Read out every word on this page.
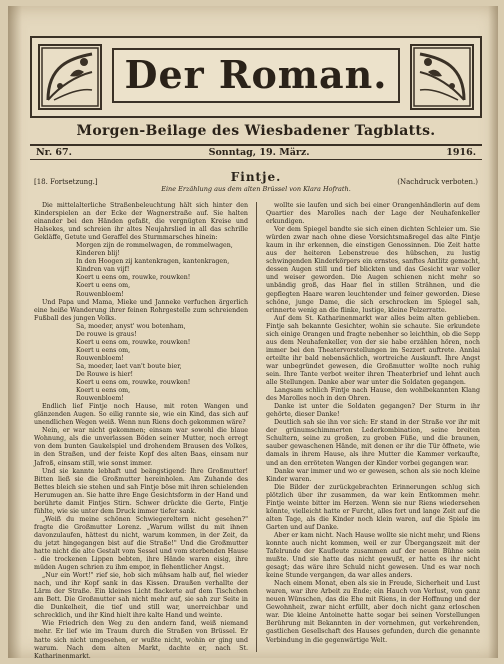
Der Roman.
Morgen-Beilage des Wiesbadener Tagblatts.
Nr. 67.	Sonntag, 19. März.	1916.
[18. Fortsetzung.]	Fintje.
Eine Erzählung aus dem alten Brüssel von Klara Hofrath.
(Nachdruck verboten.)

Die mittelalterliche Straßenbeleuchtung hält sich hinter den Kinderspielen an der Ecke der Wagnerstraße auf. Sie halten einander bei den Händen gefaßt, die vergnügten Kreise und Halsekes, und schreien ihr altes Neujahrslied in all das schrille Gekläffe, Getute und Geraffel des Sturmmarsches hinein:

Morgen zijn de rommelwagen, de rommelwagen,

Kinderen blij!

In den Hoogen zij kantenkragen, kantenkragen,

Kindren van vijf!

Koert u eens om, rouwke, rouwken!

Koert u eens om,

Rouwenbloem!

Und Papa und Mama, Mieke und Janneke verfuchen ärgerlich eine heiße Wanderung ihrer feinen Rohrgestelle zum schreienden Fußball des jungen Volks.

Sa, moeder, anyst' wou botenham,

De rouwe is graus!

Koert u eens om, rouwke, rouwken!

Koert u eens om,

Rouwenbloem!

Sa, moeder, laet van't boute bier,

De Rouwe is hier!

Koert u eens om, rouwke, rouwken!

Koert u eens om,

Rouwenbloem!

Endlich lief Fintje noch Hause, mit roten Wangen und glänzenden Augen. So eilig rannte sie, wie ein Kind, das sich auf unendlichen Wegen weiß. Wenn nun Riens doch gekommen wäre?

Nein, er war nicht gekommen; einsam war sowohl die blaue Wohnung, als die unverlassen Böden seiner Mutter, noch erregt von dem bunten Gaukelspiel und drohendem Brausen des Volkes, in den Straßen, und der feiste Kopf des alten Baas, einsam nur Jafroß, einsam still, wie sonst immer.

Und sie kannte lebhaft und beängstigend: Ihre Großmutter! Bitten ließ sie die Großmutter hereinholen. Am Zuhande des Bettes bleich sie stehen und sah Fintje böse mit ihren schielenden Herumugen an. Sie hatte ihre Enge Gesichtsform in der Hand und berührte damit Fintjes Stirn. Schwer drückte die Gerte, Fintje fühlte, wie sie unter dem Druck immer tiefer sank.

„Weiß du meine schönen Schwiegereltern nicht gesehen?" fragte die Großmutter Lorenz. „Warum willst du mit ihnen davonzulaufen, hättest du nicht, warum kommen, in der Zeit, da du jetzt hingegangen bist auf die Straße!" Und die Großmutter hatte nicht die alte Gestalt vom Sessel und vom sterbenden Hause - die trockenen Lippen bebten, ihre Hände waren eisig, ihre müden Augen schrien zu ihm empor, in flehentlicher Angst.

„Nur ein Wort!" rief sie, hob sich mühsam halb auf, fiel wieder nach, und ihr Kopf sank in das Kissen. Draußen verhallte der Lärm der Straße. Ein kleines Licht flackerte auf dem Tischchen am Bett. Die Großmutter sah nicht mehr auf, sie sah zur Seite in die Dunkelheit, die tief und still war, unerreichbar und schrecklich, und ihr Kind hielt ihre kalte Hand und weinte.

Wie Friedrich den Weg zu den andern fand, weiß niemand mehr. Er lief wie im Traum durch die Straßen von Brüssel. Er hatte sich nicht umgesehen, er wußte nicht, wohin er ging und warum. Nach dem alten Markt, dachte er, nach St. Katharinenmarkt.

wollte sie laufen und sich bei einer Orangenhändlerin auf dem Quartier des Marolles nach der Lage der Neuhafenkeller erkundigen.

Vor dem Spiegel bandte sie sich einen dichten Schleier um. Sie würden zwar nach ohne diese Vorsichtsmaßregel das alte Fintje kaum in ihr erkennen, die einstigen Genossinnen. Die Zeit hatte aus der heiteren Lebenstreue des hübschen, zu lustig schwingenden Kinderkörpers ein ernstes, sanftes Antlitz gemacht, dessen Augen still und tief blickten und das Gesicht war voller und weiser geworden. Die Augen schienen nicht mehr so unbändig groß, das Haar fiel in stillen Strähnen, und die gepflegten Haare waren leuchtender und feiner geworden. Diese schöne, junge Dame, die sich erschrocken im Spiegel sah, erinnerte wenig an die flinke, lustige, kleine Pelzerratte.

Auf dem St. Katharinenmarkt war alles beim alten geblieben. Fintje sah bekannte Gesichter, wohin sie schaute. Sie erkundete sich einige Orangen und fragte nebenher so leichthin, ob die Sepp aus dem Neuhafenkeller, von der sie habe erzählen hören, noch immer bei den Theatervorstellungen im Sezzert auftrete. Annlai erteilte ihr bald nebensächlich, wortreiche Auskunft. Ihre Angst war unbegründet gewesen, die Großmutter wollte noch ruhig sein. Ihre Tante verbot weiter ihren Theaterbrief und lehnt auch alle Stellungen. Danke aber war unter die Soldaten gegangen.

Langsam schlich Fintje nach Hause, den wohlbekannten Klang des Marolles noch in den Ohren.

Danke ist unter die Soldaten gegangen? Der Sturm in ihr gehörte, dieser Danke!

Deutlich sah sie ihn vor sich: Er stand in der Straße vor ihr mit der grünumschimmerten Lederkombination, seine breiten Schultern, seine zu großen, zu groben Füße, und die braunen, sauber gewaschenen Hände, mit denen er ihr die Tür öffnete, wie damals in ihrem Hause, als ihre Mutter die Kammer verkaufte, und an den erröteten Wangen der Kinder vorbei gegangen war.

Danke war immer und wo er gewesen, schon als sie noch kleine Kinder waren.

Die Bilder der zurückgebrachten Erinnerungen schlug sich plötzlich über ihr zusammen, da war kein Entkommen mehr. Fintje weinte bitter im Herzen. Wenn sie nur Riens wiedersehen könnte, vielleicht hatte er Furcht, alles fort und lange Zeit auf die alten Tage, als die Kinder noch klein waren, auf die Spiele im Garten und auf Danke.

Aber er kam nicht. Nach Hause wollte sie nicht mehr, und Riens konnte auch nicht kommen, weil er zur Übergangszeit mit der Tafelrunde der Kaufleute zusammen auf der neuen Bühne sein mußte. Und sie hatte das nicht gewußt, er hatte es ihr nicht gesagt; das wäre ihre Schuld nicht gewesen. Und es war noch keine Stunde vergangen, da war alles anders.

Nach einem Monat, eben als sie in Freude, Sicherheit und Lust waren, war ihre Arbeit zu Ende; ein Hauch von Verlust, von ganz neuen Wünschen, das die Ehe mit Riens, in der Hoffnung und der Gewohnheit, zwar nicht erfüllt, aber doch nicht ganz erloschen war. Die kleine Antoinette hatte sogar bei seinen Vorstellungen Berührung mit Bekannten in der vornehmen, gut verkehrenden, gastlichen Gesellschaft des Hauses gefunden, durch die genannte Verbindung in die gegenwärtige Welt.
